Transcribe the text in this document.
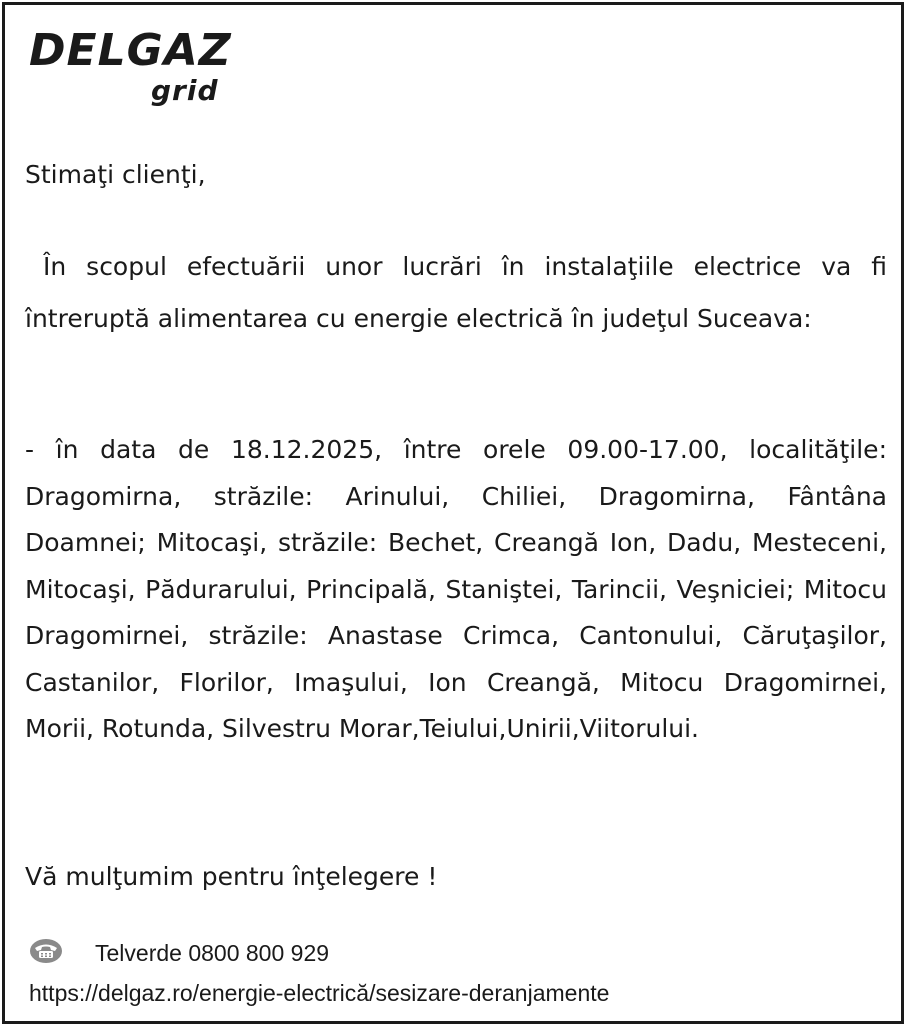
DELGAZ
grid
Stimaţi clienţi,

În scopul efectuării unor lucrări în instalaţiile electrice va fi întreruptă alimentarea cu energie electrică în judeţul Suceava:

- în data de 18.12.2025, între orele 09.00-17.00, localităţile: Dragomirna, străzile: Arinului, Chiliei, Dragomirna, Fântâna Doamnei; Mitocaşi, străzile: Bechet, Creangă Ion, Dadu, Mesteceni, Mitocaşi, Pădurarului, Principală, Staniştei, Tarincii, Veşniciei; Mitocu Dragomirnei, străzile: Anastase Crimca, Cantonului, Căruţaşilor, Castanilor, Florilor, Imaşului, Ion Creangă, Mitocu Dragomirnei, Morii, Rotunda, Silvestru Morar,Teiului,Unirii,Viitorului.

Vă mulţumim pentru înţelegere !
Telverde 0800 800 929
https://delgaz.ro/energie-electrică/sesizare-deranjamente
